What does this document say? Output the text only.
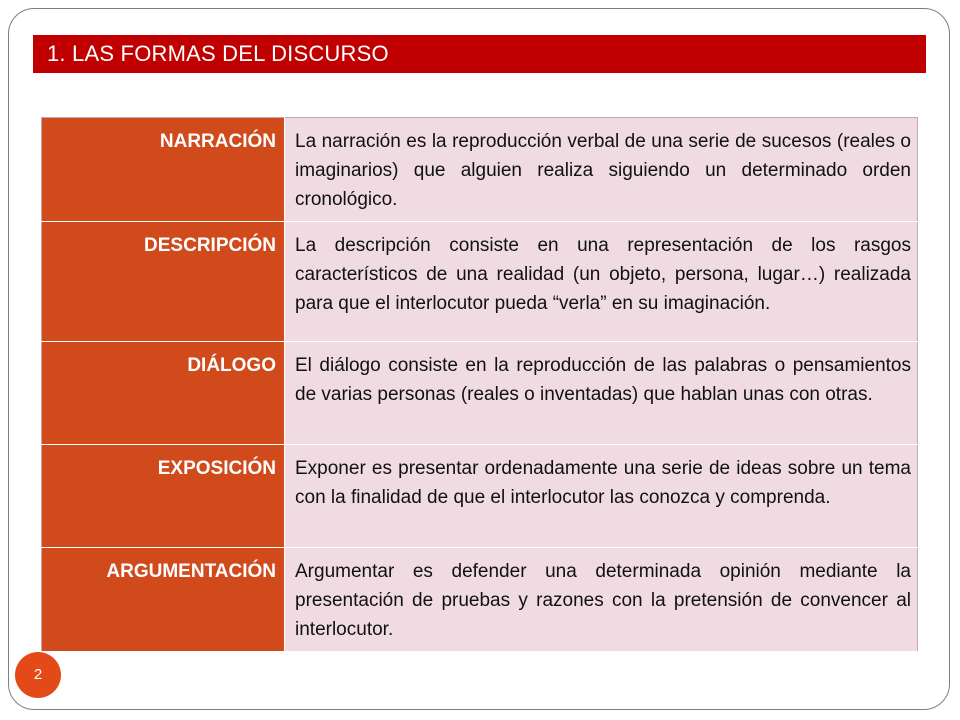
1. LAS FORMAS DEL DISCURSO
NARRACIÓN	La narración es la reproducción verbal de una serie de sucesos (reales o imaginarios) que alguien realiza siguiendo un determinado orden cronológico.
DESCRIPCIÓN	La descripción consiste en una representación de los rasgos característicos de una realidad (un objeto, persona, lugar…) realizada para que el interlocutor pueda “verla” en su imaginación.
DIÁLOGO	El diálogo consiste en la reproducción de las palabras o pensamientos de varias personas (reales o inventadas) que hablan unas con otras.
EXPOSICIÓN	Exponer es presentar ordenadamente una serie de ideas sobre un tema con la finalidad de que el interlocutor las conozca y comprenda.
ARGUMENTACIÓN	Argumentar es defender una determinada opinión mediante la presentación de pruebas y razones con la pretensión de convencer al interlocutor.
2
